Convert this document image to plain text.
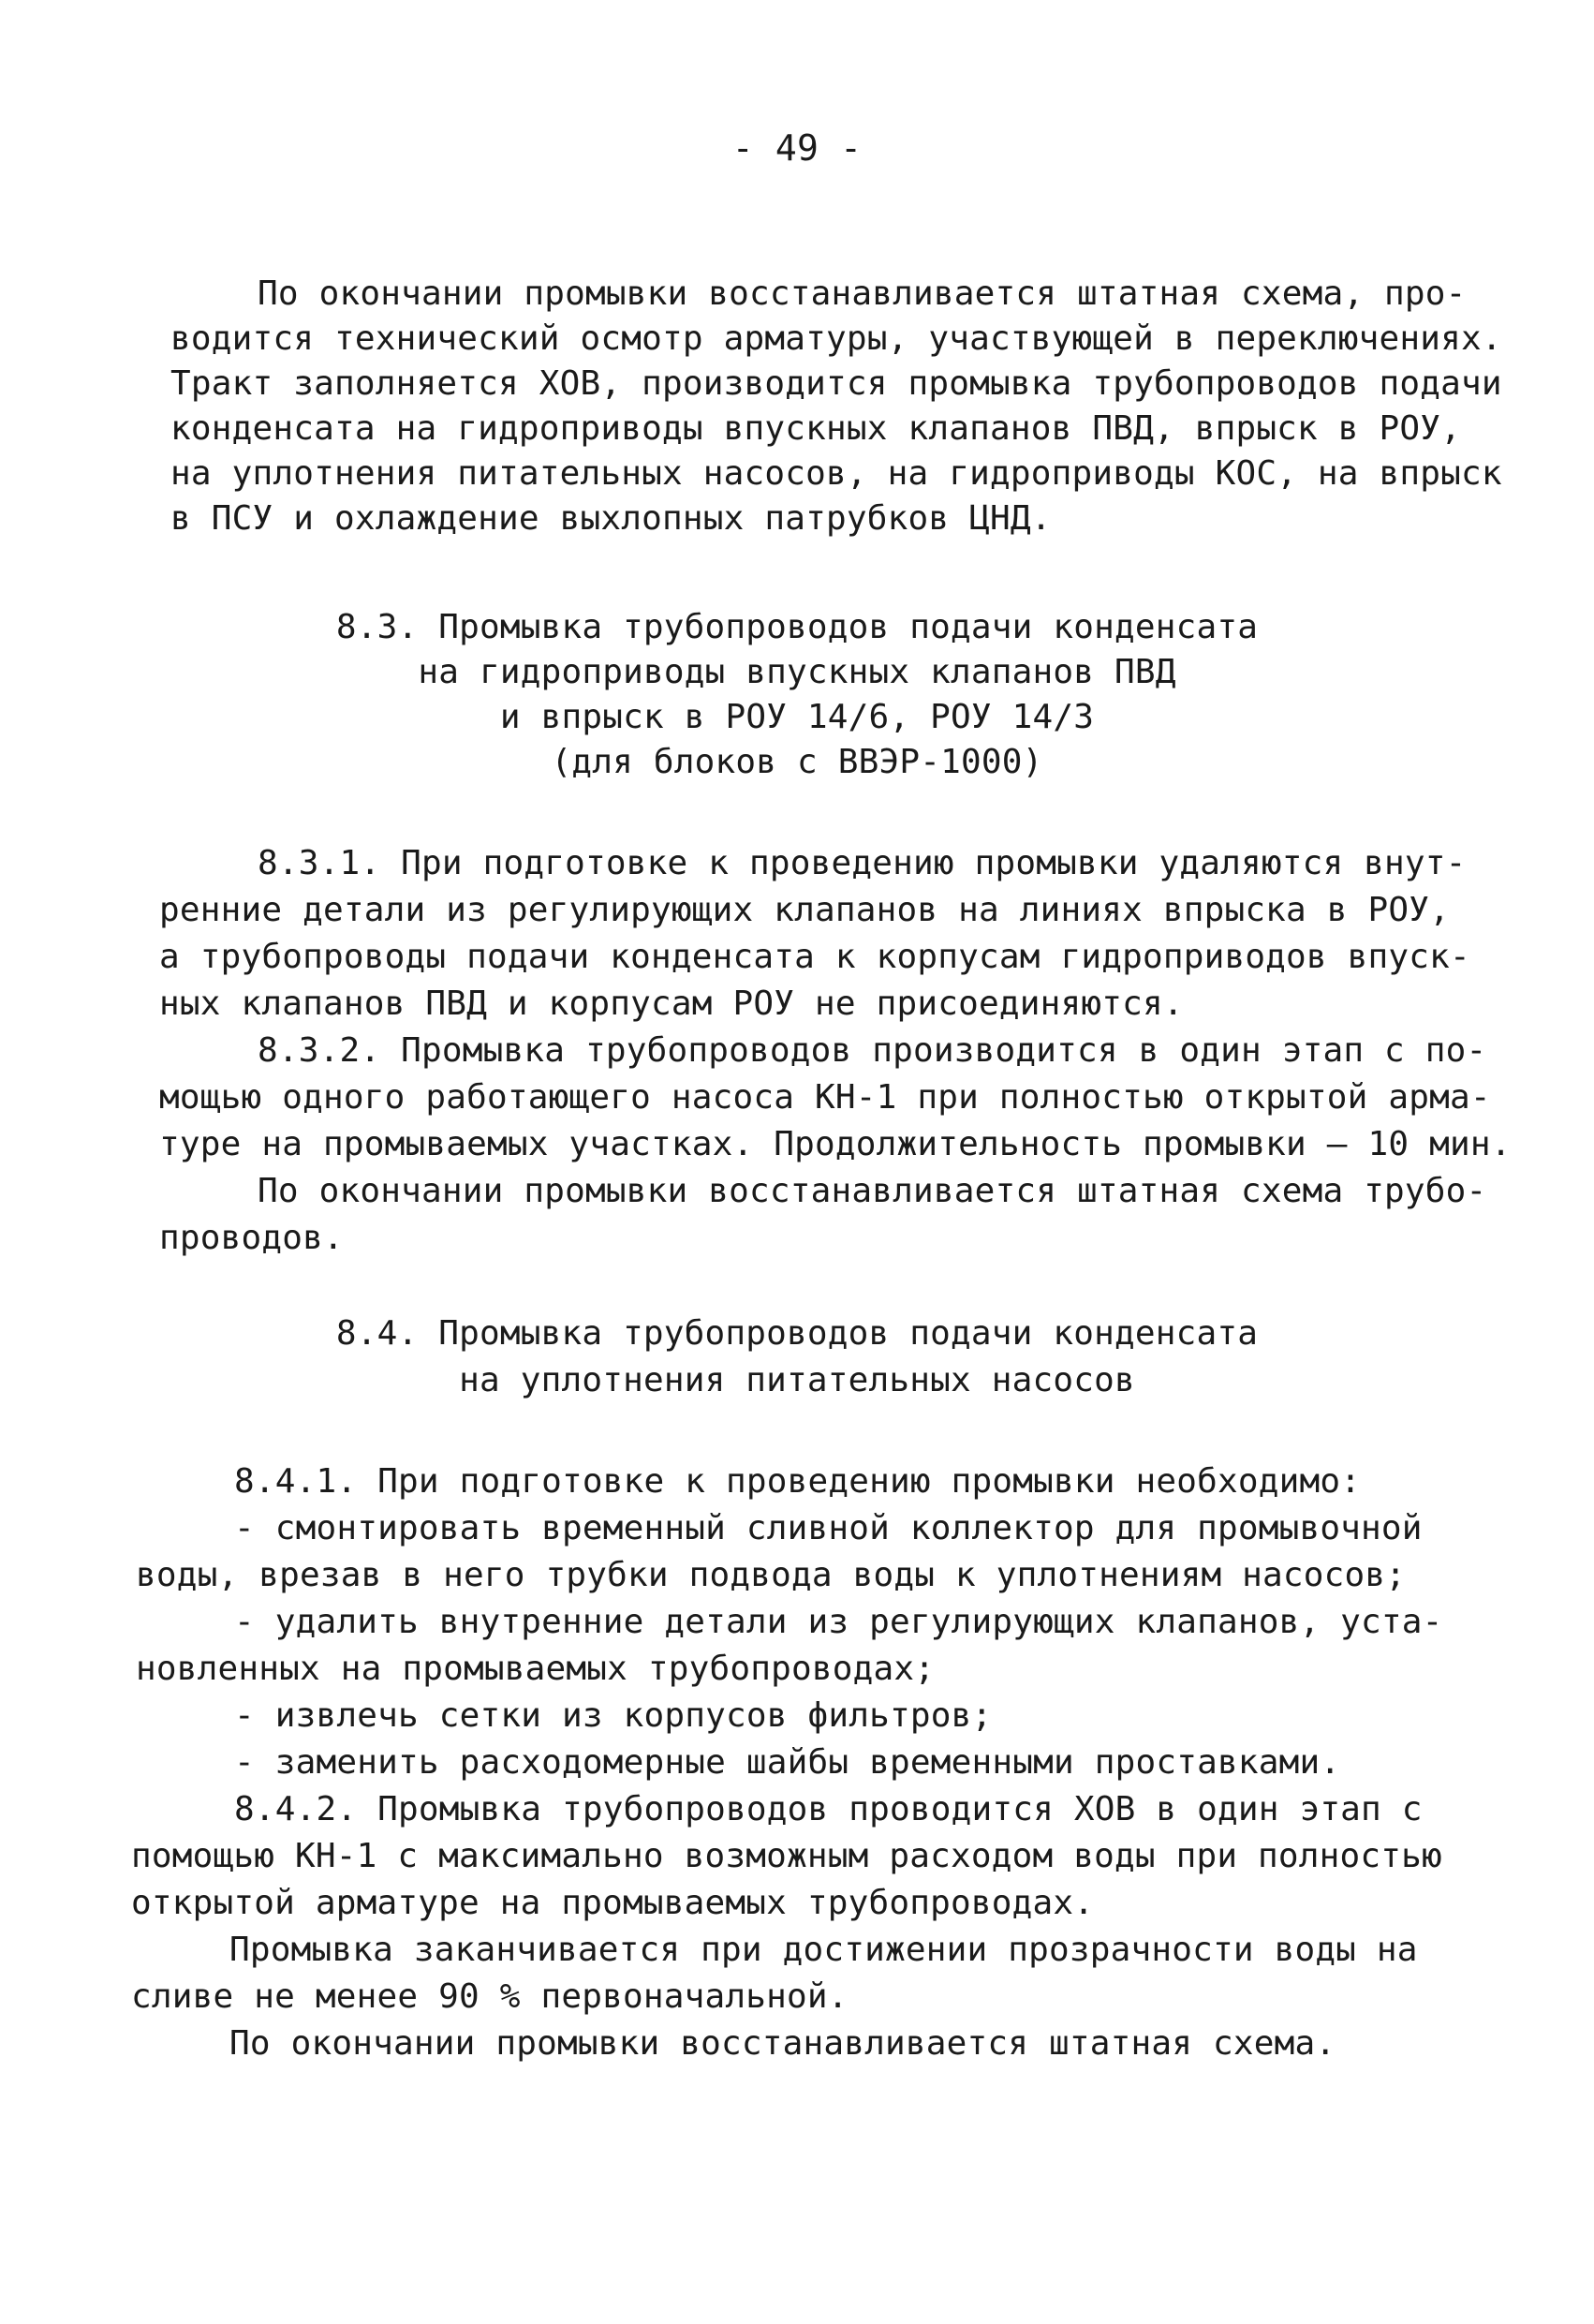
- 49 -
По окончании промывки восстанавливается штатная схема, про-
водится технический осмотр арматуры, участвующей в переключениях.
Тракт заполняется ХОВ, производится промывка трубопроводов подачи
конденсата на гидроприводы впускных клапанов ПВД, впрыск в РОУ,
на уплотнения питательных насосов, на гидроприводы КОС, на впрыск
в ПСУ и охлаждение выхлопных патрубков ЦНД.
8.3. Промывка трубопроводов подачи конденсата
на гидроприводы впускных клапанов ПВД
и впрыск в РОУ 14/6, РОУ 14/3
(для блоков с ВВЭР-1000)
8.3.1. При подготовке к проведению промывки удаляются внут-
ренние детали из регулирующих клапанов на линиях впрыска в РОУ,
а трубопроводы подачи конденсата к корпусам гидроприводов впуск-
ных клапанов ПВД и корпусам РОУ не присоединяются.
8.3.2. Промывка трубопроводов производится в один этап с по-
мощью одного работающего насоса КН-1 при полностью открытой арма-
туре на промываемых участках. Продолжительность промывки – 10 мин.
По окончании промывки восстанавливается штатная схема трубо-
проводов.
8.4. Промывка трубопроводов подачи конденсата
на уплотнения питательных насосов
8.4.1. При подготовке к проведению промывки необходимо:
- смонтировать временный сливной коллектор для промывочной
воды, врезав в него трубки подвода воды к уплотнениям насосов;
- удалить внутренние детали из регулирующих клапанов, уста-
новленных на промываемых трубопроводах;
- извлечь сетки из корпусов фильтров;
- заменить расходомерные шайбы временными проставками.
8.4.2. Промывка трубопроводов проводится ХОВ в один этап с
помощью КН-1 с максимально возможным расходом воды при полностью
открытой арматуре на промываемых трубопроводах.
Промывка заканчивается при достижении прозрачности воды на
сливе не менее 90 % первоначальной.
По окончании промывки восстанавливается штатная схема.
